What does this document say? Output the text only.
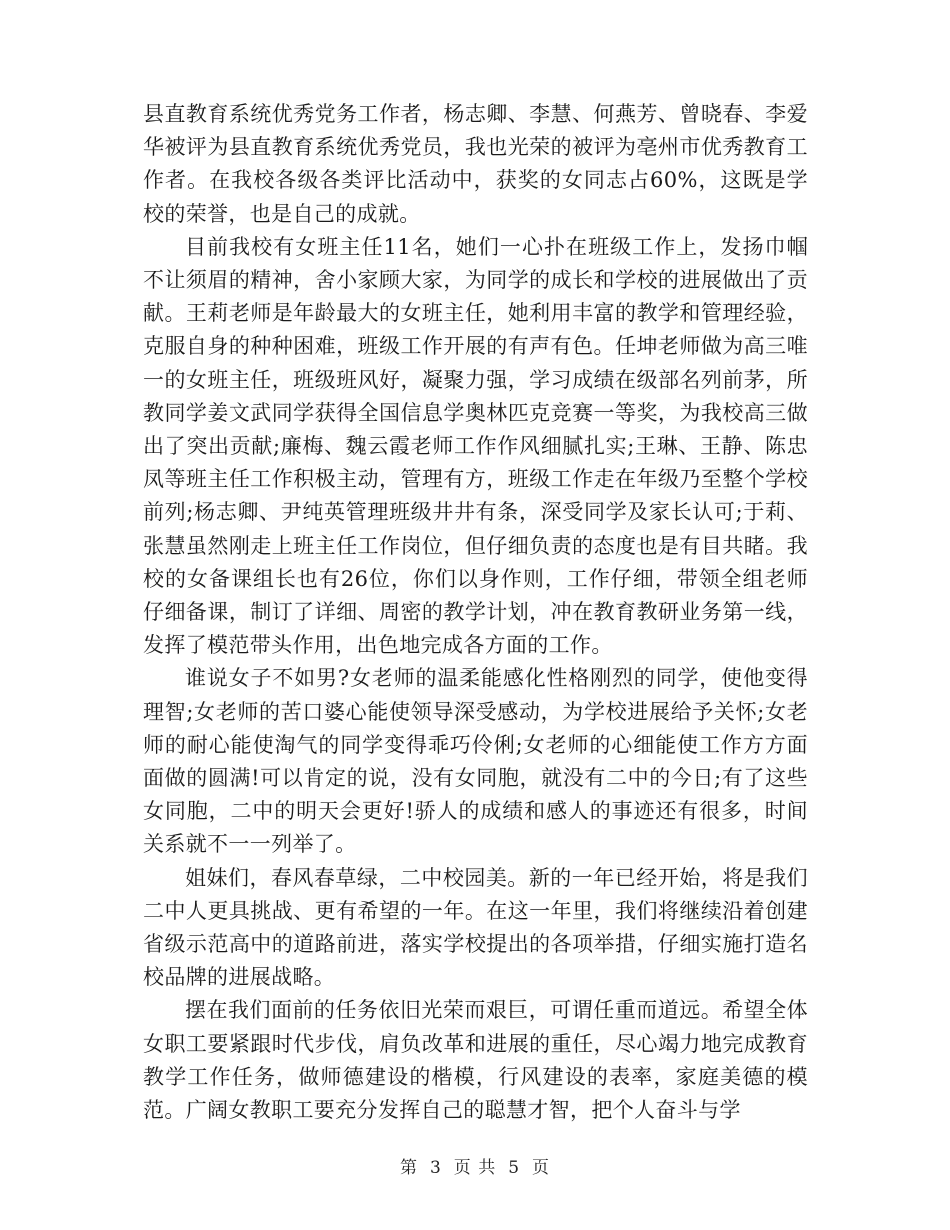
县直教育系统优秀党务工作者，杨志卿、李慧、何燕芳、曾晓春、李爱华被评为县直教育系统优秀党员，我也光荣的被评为亳州市优秀教育工作者。在我校各级各类评比活动中，获奖的女同志占60%，这既是学校的荣誉，也是自己的成就。

目前我校有女班主任11名，她们一心扑在班级工作上，发扬巾帼不让须眉的精神，舍小家顾大家，为同学的成长和学校的进展做出了贡献。王莉老师是年龄最大的女班主任，她利用丰富的教学和管理经验，克服自身的种种困难，班级工作开展的有声有色。任坤老师做为高三唯一的女班主任，班级班风好，凝聚力强，学习成绩在级部名列前茅，所教同学姜文武同学获得全国信息学奥林匹克竞赛一等奖，为我校高三做出了突出贡献;廉梅、魏云霞老师工作作风细腻扎实;王琳、王静、陈忠凤等班主任工作积极主动，管理有方，班级工作走在年级乃至整个学校前列;杨志卿、尹纯英管理班级井井有条，深受同学及家长认可;于莉、张慧虽然刚走上班主任工作岗位，但仔细负责的态度也是有目共睹。我校的女备课组长也有26位，你们以身作则，工作仔细，带领全组老师仔细备课，制订了详细、周密的教学计划，冲在教育教研业务第一线，发挥了模范带头作用，出色地完成各方面的工作。

谁说女子不如男?女老师的温柔能感化性格刚烈的同学，使他变得理智;女老师的苦口婆心能使领导深受感动，为学校进展给予关怀;女老师的耐心能使淘气的同学变得乖巧伶俐;女老师的心细能使工作方方面面做的圆满!可以肯定的说，没有女同胞，就没有二中的今日;有了这些女同胞，二中的明天会更好!骄人的成绩和感人的事迹还有很多，时间关系就不一一列举了。

姐妹们，春风春草绿，二中校园美。新的一年已经开始，将是我们二中人更具挑战、更有希望的一年。在这一年里，我们将继续沿着创建省级示范高中的道路前进，落实学校提出的各项举措，仔细实施打造名校品牌的进展战略。

摆在我们面前的任务依旧光荣而艰巨，可谓任重而道远。希望全体女职工要紧跟时代步伐，肩负改革和进展的重任，尽心竭力地完成教育教学工作任务，做师德建设的楷模，行风建设的表率，家庭美德的模范。广阔女教职工要充分发挥自己的聪慧才智，把个人奋斗与学

第 3 页 共 5 页
